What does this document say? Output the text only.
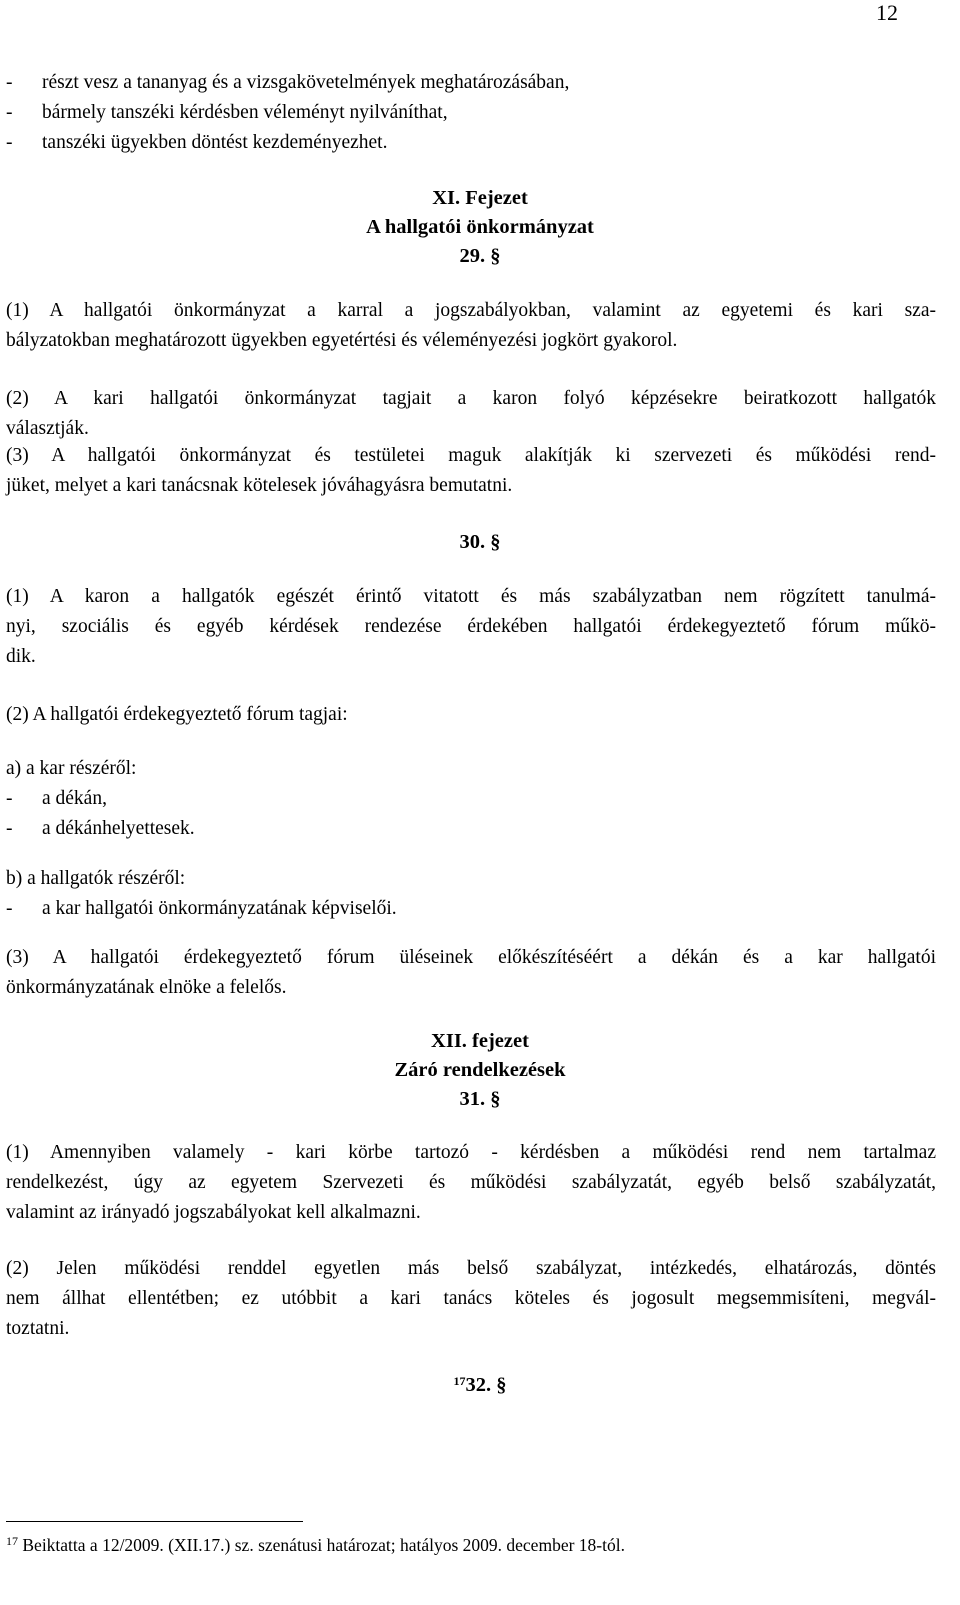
12
- részt vesz a tananyag és a vizsgakövetelmények meghatározásában,
- bármely tanszéki kérdésben véleményt nyilváníthat,
- tanszéki ügyekben döntést kezdeményezhet.
XI. Fejezet
A hallgatói önkormányzat
29. §
(1) A hallgatói önkormányzat a karral a jogszabályokban, valamint az egyetemi és kari sza-
bályzatokban meghatározott ügyekben egyetértési és véleményezési jogkört gyakorol.
(2) A kari hallgatói önkormányzat tagjait a karon folyó képzésekre beiratkozott hallgatók
választják.
(3) A hallgatói önkormányzat és testületei maguk alakítják ki szervezeti és működési rend-
jüket, melyet a kari tanácsnak kötelesek jóváhagyásra bemutatni.
30. §
(1) A karon a hallgatók egészét érintő vitatott és más szabályzatban nem rögzített tanulmá-
nyi, szociális és egyéb kérdések rendezése érdekében hallgatói érdekegyeztető fórum műkö-
dik.
(2) A hallgatói érdekegyeztető fórum tagjai:
a) a kar részéről:
- a dékán,
- a dékánhelyettesek.
b) a hallgatók részéről:
- a kar hallgatói önkormányzatának képviselői.
(3) A hallgatói érdekegyeztető fórum üléseinek előkészítéséért a dékán és a kar hallgatói
önkormányzatának elnöke a felelős.
XII. fejezet
Záró rendelkezések
31. §
(1) Amennyiben valamely - kari körbe tartozó - kérdésben a működési rend nem tartalmaz
rendelkezést, úgy az egyetem Szervezeti és működési szabályzatát, egyéb belső szabályzatát,
valamint az irányadó jogszabályokat kell alkalmazni.
(2) Jelen működési renddel egyetlen más belső szabályzat, intézkedés, elhatározás, döntés
nem állhat ellentétben; ez utóbbit a kari tanács köteles és jogosult megsemmisíteni, megvál-
toztatni.
$^{17}$32. §
$^{17}$ Beiktatta a 12/2009. (XII.17.) sz. szenátusi határozat; hatályos 2009. december 18-tól.
